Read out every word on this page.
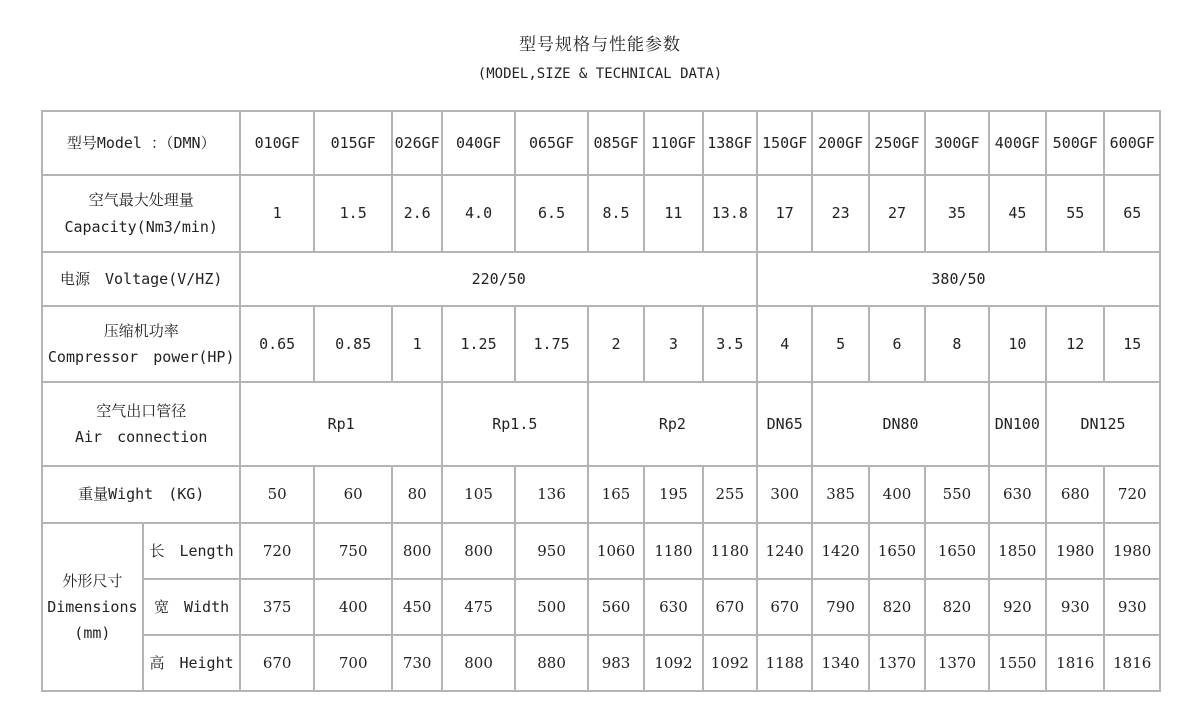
型号规格与性能参数
(MODEL,SIZE & TECHNICAL DATA)
型号Model ：（DMN）		010GF	015GF	026GF	040GF	065GF	085GF	110GF	138GF	150GF	200GF	250GF	300GF	400GF	500GF	600GF

空气最大处理量
Capacity(Nm3/min)		1	1.5	2.6	4.0	6.5	8.5	11	13.8	17	23	27	35	45	55	65
电源　Voltage(V/HZ)		220/50								380/50						

压缩机功率
Compressor　power(HP)		0.65	0.85	1	1.25	1.75	2	3	3.5	4	5	6	8	10	12	15

空气出口管径
Air　connection		Rp1			Rp1.5		Rp2			DN65	DN80			DN100	DN125	
重量Wight　(KG)		50	60	80	105	136	165	195	255	300	385	400	550	630	680	720

外形尺寸
Dimensions
(mm)	长　Length	720	750	800	800	950	1060	1180	1180	1240	1420	1650	1650	1850	1980	1980
	宽　Width	375	400	450	475	500	560	630	670	670	790	820	820	920	930	930
	高　Height	670	700	730	800	880	983	1092	1092	1188	1340	1370	1370	1550	1816	1816
